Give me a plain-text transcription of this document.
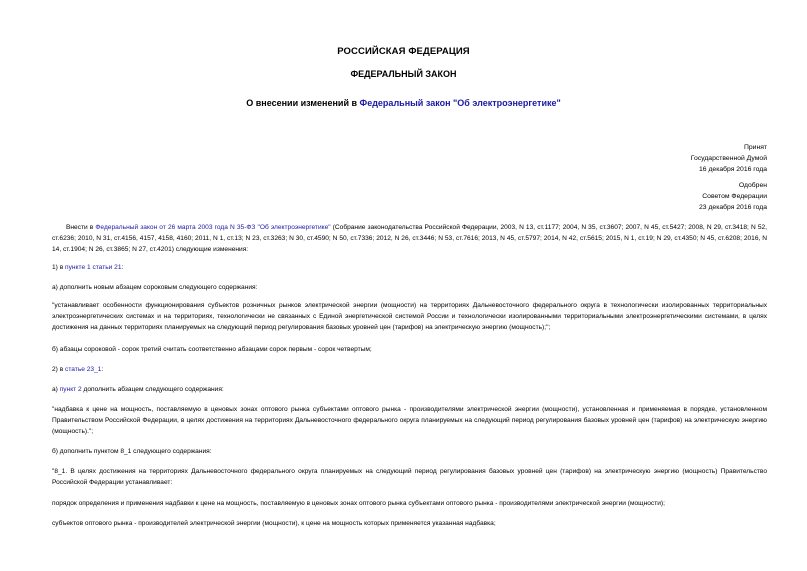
РОССИЙСКАЯ ФЕДЕРАЦИЯ
ФЕДЕРАЛЬНЫЙ ЗАКОН
О внесении изменений в Федеральный закон "Об электроэнергетике"
Принят
Государственной Думой
16 декабря 2016 года
Одобрен
Советом Федерации
23 декабря 2016 года
Внести в Федеральный закон от 26 марта 2003 года N 35-ФЗ "Об электроэнергетике" (Собрание законодательства Российской Федерации, 2003, N 13, ст.1177; 2004, N 35, ст.3607; 2007, N 45, ст.5427; 2008, N 29, ст.3418; N 52, ст.6236; 2010, N 31, ст.4156, 4157, 4158, 4160; 2011, N 1, ст.13; N 23, ст.3263; N 30, ст.4590; N 50, ст.7336; 2012, N 26, ст.3446; N 53, ст.7616; 2013, N 45, ст.5797; 2014, N 42, ст.5615; 2015, N 1, ст.19; N 29, ст.4350; N 45, ст.6208; 2016, N 14, ст.1904; N 26, ст.3865; N 27, ст.4201) следующие изменения:
1) в пункте 1 статьи 21:
а) дополнить новым абзацем сороковым следующего содержания:
"устанавливает особенности функционирования субъектов розничных рынков электрической энергии (мощности) на территориях Дальневосточного федерального округа в технологически изолированных территориальных электроэнергетических системах и на территориях, технологически не связанных с Единой энергетической системой России и технологически изолированными территориальными электроэнергетическими системами, в целях достижения на данных территориях планируемых на следующий период регулирования базовых уровней цен (тарифов) на электрическую энергию (мощность);";
б) абзацы сороковой - сорок третий считать соответственно абзацами сорок первым - сорок четвертым;
2) в статье 23_1:
а) пункт 2 дополнить абзацем следующего содержания:
"надбавка к цене на мощность, поставляемую в ценовых зонах оптового рынка субъектами оптового рынка - производителями электрической энергии (мощности), установленная и применяемая в порядке, установленном Правительством Российской Федерации, в целях достижения на территориях Дальневосточного федерального округа планируемых на следующий период регулирования базовых уровней цен (тарифов) на электрическую энергию (мощность).";
б) дополнить пунктом 8_1 следующего содержания:
"8_1. В целях достижения на территориях Дальневосточного федерального округа планируемых на следующий период регулирования базовых уровней цен (тарифов) на электрическую энергию (мощность) Правительство Российской Федерации устанавливает:
порядок определения и применения надбавки к цене на мощность, поставляемую в ценовых зонах оптового рынка субъектами оптового рынка - производителями электрической энергии (мощности);
субъектов оптового рынка - производителей электрической энергии (мощности), к цене на мощность которых применяется указанная надбавка;
